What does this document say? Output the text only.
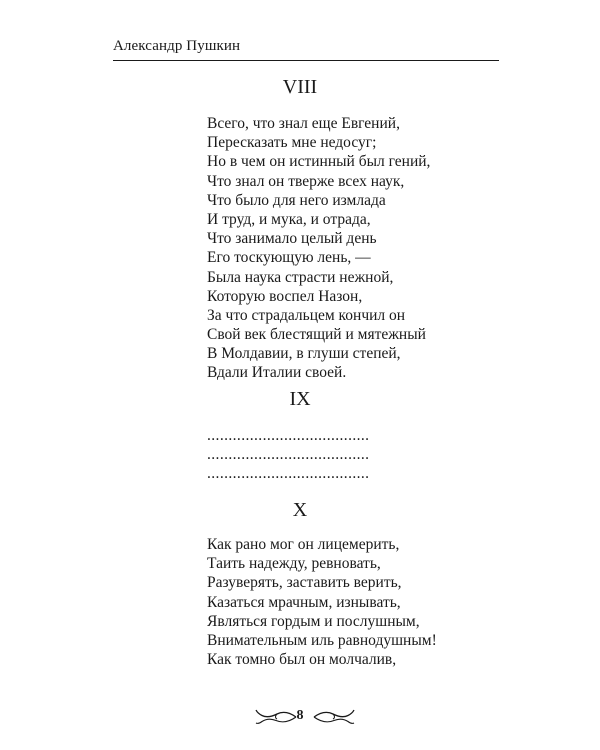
Александр Пушкин
VIII
Всего, что знал еще Евгений,
Пересказать мне недосуг;
Но в чем он истинный был гений,
Что знал он тверже всех наук,
Что было для него измлада
И труд, и мука, и отрада,
Что занимало целый день
Его тоскующую лень, —
Была наука страсти нежной,
Которую воспел Назон,
За что страдальцем кончил он
Свой век блестящий и мятежный
В Молдавии, в глуши степей,
Вдали Италии своей.
IX
......................................
......................................
......................................
X
Как рано мог он лицемерить,
Таить надежду, ревновать,
Разуверять, заставить верить,
Казаться мрачным, изнывать,
Являться гордым и послушным,
Внимательным иль равнодушным!
Как томно был он молчалив,
8
